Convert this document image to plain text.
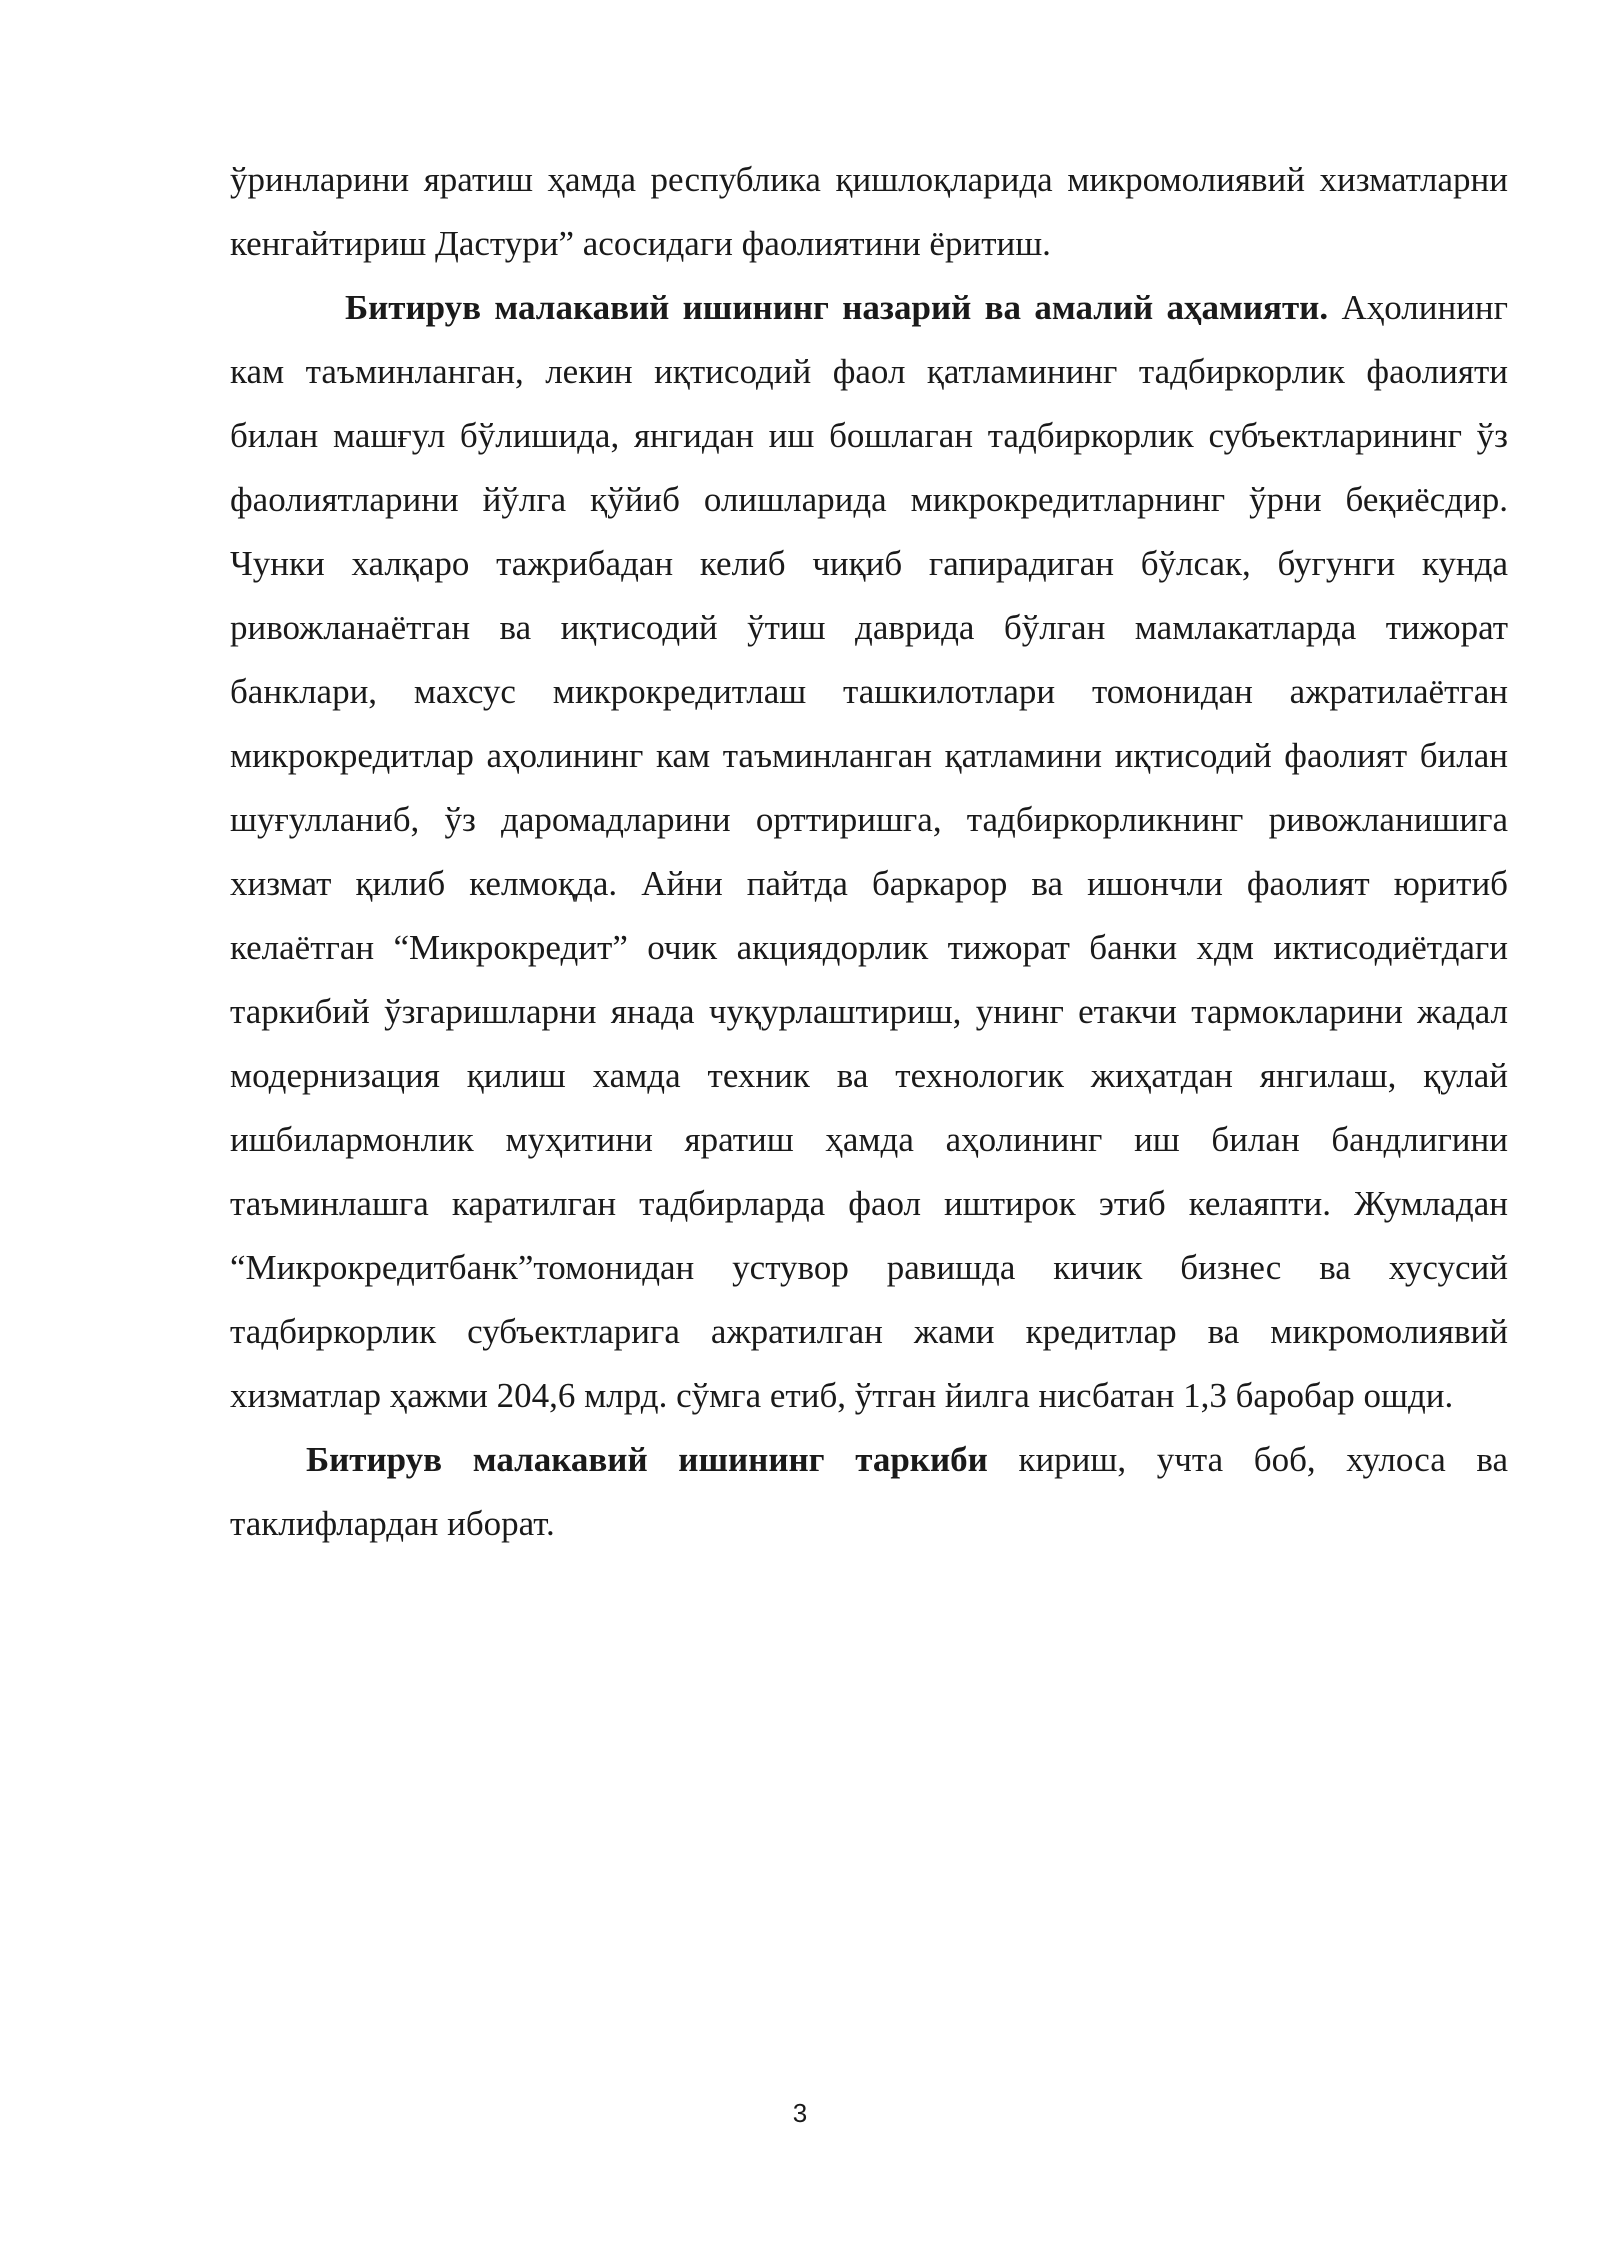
ўринларини яратиш ҳамда республика қишлоқларида микромолиявий хизматларни кенгайтириш Дастури” асосидаги фаолиятини ёритиш.

Битирув малакавий ишининг назарий ва амалий аҳамияти. Аҳолининг кам таъминланган, лекин иқтисодий фаол қатламининг тадбиркорлик фаолияти билан машғул бўлишида, янгидан иш бошлаган тадбиркорлик субъектларининг ўз фаолиятларини йўлга қўйиб олишларида микрокредитларнинг ўрни беқиёсдир. Чунки халқаро тажрибадан келиб чиқиб гапирадиган бўлсак, бугунги кунда ривожланаётган ва иқтисодий ўтиш даврида бўлган мамлакатларда тижорат банклари, махсус микрокредитлаш ташкилотлари томонидан ажратилаётган микрокредитлар аҳолининг кам таъминланган қатламини иқтисодий фаолият билан шуғулланиб, ўз даромадларини орттиришга, тадбиркорликнинг ривожланишига хизмат қилиб келмоқда. Айни пайтда баркарор ва ишончли фаолият юритиб келаётган “Микрокредит” очик акциядорлик тижорат банки хдм иктисодиётдаги таркибий ўзгаришларни янада чуқурлаштириш, унинг етакчи тармокларини жадал модернизация қилиш хамда техник ва технологик жиҳатдан янгилаш, қулай ишбилармонлик муҳитини яратиш ҳамда аҳолининг иш билан бандлигини таъминлашга каратилган тадбирларда фаол иштирок этиб келаяпти. Жумладан “Микрокредитбанк”томонидан устувор равишда кичик бизнес ва хусусий тадбиркорлик субъектларига ажратилган жами кредитлар ва микромолиявий хизматлар ҳажми 204,6 млрд. сўмга етиб, ўтган йилга нисбатан 1,3 баробар ошди.

Битирув малакавий ишининг таркиби кириш, учта боб, хулоса ва таклифлардан иборат.

3
